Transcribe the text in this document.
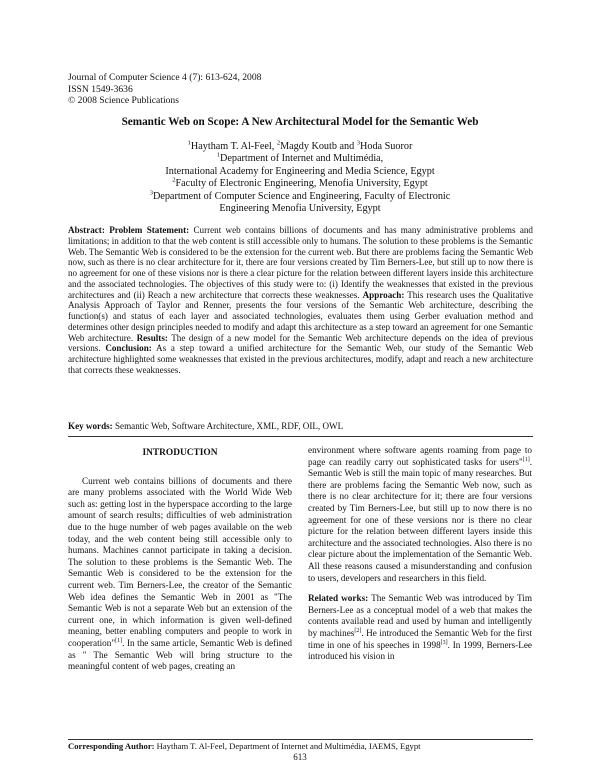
Journal of Computer Science 4 (7): 613-624, 2008
ISSN 1549-3636
© 2008 Science Publications
Semantic Web on Scope: A New Architectural Model for the Semantic Web
$^1$Haytham T. Al-Feel, $^2$Magdy Koutb and $^3$Hoda Suoror
$^1$Department of Internet and Multimédia,
International Academy for Engineering and Media Science, Egypt
$^2$Faculty of Electronic Engineering, Menofia University, Egypt
$^3$Department of Computer Science and Engineering, Faculty of Electronic
Engineering Menofia University, Egypt
Abstract: Problem Statement: Current web contains billions of documents and has many administrative problems and limitations; in addition to that the web content is still accessible only to humans. The solution to these problems is the Semantic Web. The Semantic Web is considered to be the extension for the current web. But there are problems facing the Semantic Web now, such as there is no clear architecture for it, there are four versions created by Tim Berners-Lee, but still up to now there is no agreement for one of these visions nor is there a clear picture for the relation between different layers inside this architecture and the associated technologies. The objectives of this study were to: (i) Identify the weaknesses that existed in the previous architectures and (ii) Reach a new architecture that corrects these weaknesses. Approach: This research uses the Qualitative Analysis Approach of Taylor and Renner, presents the four versions of the Semantic Web architecture, describing the function(s) and status of each layer and associated technologies, evaluates them using Gerber evaluation method and determines other design principles needed to modify and adapt this architecture as a step toward an agreement for one Semantic Web architecture. Results: The design of a new model for the Semantic Web architecture depends on the idea of previous versions. Conclusion: As a step toward a unified architecture for the Semantic Web, our study of the Semantic Web architecture highlighted some weaknesses that existed in the previous architectures, modify, adapt and reach a new architecture that corrects these weaknesses.
Key words: Semantic Web, Software Architecture, XML, RDF, OIL, OWL

INTRODUCTION

Current web contains billions of documents and there are many problems associated with the World Wide Web such as: getting lost in the hyperspace according to the large amount of search results; difficulties of web administration due to the huge number of web pages available on the web today, and the web content being still accessible only to humans. Machines cannot participate in taking a decision. The solution to these problems is the Semantic Web. The Semantic Web is considered to be the extension for the current web. Tim Berners-Lee, the creator of the Semantic Web idea defines the Semantic Web in 2001 as "The Semantic Web is not a separate Web but an extension of the current one, in which information is given well-defined meaning, better enabling computers and people to work in cooperation"[1]. In the same article, Semantic Web is defined as " The Semantic Web will bring structure to the meaningful content of web pages, creating an

environment where software agents roaming from page to page can readily carry out sophisticated tasks for users"[1]. Semantic Web is still the main topic of many researches. But there are problems facing the Semantic Web now, such as there is no clear architecture for it; there are four versions created by Tim Berners-Lee, but still up to now there is no agreement for one of these versions nor is there no clear picture for the relation between different layers inside this architecture and the associated technologies. Also there is no clear picture about the implementation of the Semantic Web. All these reasons caused a misunderstanding and confusion to users, developers and researchers in this field.

Related works: The Semantic Web was introduced by Tim Berners-Lee as a conceptual model of a web that makes the contents available read and used by human and intelligently by machines[2]. He introduced the Semantic Web for the first time in one of his speeches in 1998[3]. In 1999, Berners-Lee introduced his vision in

Corresponding Author: Haytham T. Al-Feel, Department of Internet and Multimédia, IAEMS, Egypt
613
